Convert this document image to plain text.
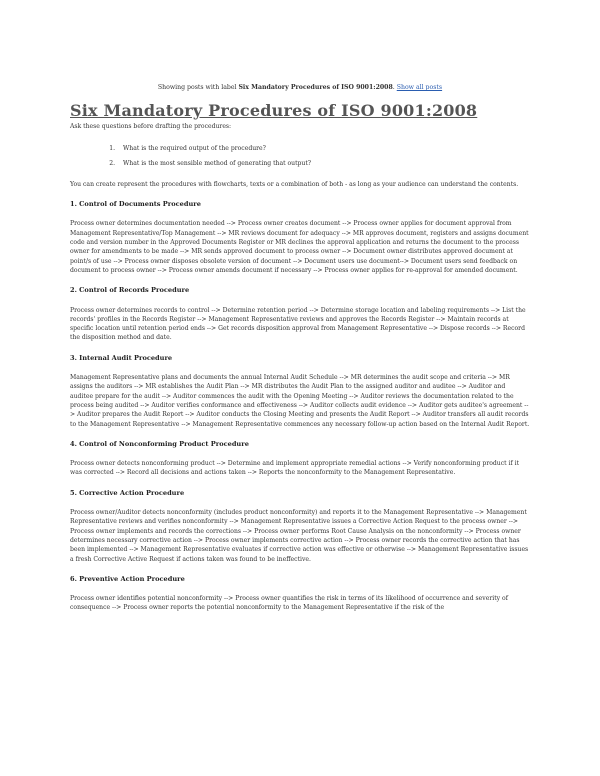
Showing posts with label Six Mandatory Procedures of ISO 9001:2008. Show all posts
Six Mandatory Procedures of ISO 9001:2008

Ask these questions before drafting the procedures:

1. What is the required output of the procedure?
2. What is the most sensible method of generating that output?

You can create represent the procedures with flowcharts, texts or a combination of both - as long as your audience can understand the contents.

1. Control of Documents Procedure

Process owner determines documentation needed --> Process owner creates document --> Process owner applies for document approval from Management Representative/Top Management --> MR reviews document for adequacy --> MR approves document, registers and assigns document code and version number in the Approved Documents Register or MR declines the approval application and returns the document to the process owner for amendments to be made --> MR sends approved document to process owner --> Document owner distributes approved document at point/s of use --> Process owner disposes obsolete version of document --> Document users use document--> Document users send feedback on document to process owner --> Process owner amends document if necessary --> Process owner applies for re-approval for amended document.

2. Control of Records Procedure

Process owner determines records to control --> Determine retention period --> Determine storage location and labeling requirements --> List the records' profiles in the Records Register --> Management Representative reviews and approves the Records Register --> Maintain records at specific location until retention period ends --> Get records disposition approval from Management Representative --> Dispose records --> Record the disposition method and date.

3. Internal Audit Procedure

Management Representative plans and documents the annual Internal Audit Schedule --> MR determines the audit scope and criteria --> MR assigns the auditors --> MR establishes the Audit Plan --> MR distributes the Audit Plan to the assigned auditor and auditee --> Auditor and auditee prepare for the audit --> Auditor commences the audit with the Opening Meeting --> Auditor reviews the documentation related to the process being audited --> Auditor verifies conformance and effectiveness --> Auditor collects audit evidence --> Auditor gets auditee's agreement --> Auditor prepares the Audit Report --> Auditor conducts the Closing Meeting and presents the Audit Report --> Auditor transfers all audit records to the Management Representative --> Management Representative commences any necessary follow-up action based on the Internal Audit Report.

4. Control of Nonconforming Product Procedure

Process owner detects nonconforming product --> Determine and implement appropriate remedial actions --> Verify nonconforming product if it was corrected --> Record all decisions and actions taken --> Reports the nonconformity to the Management Representative.

5. Corrective Action Procedure

Process owner/Auditor detects nonconformity (includes product nonconformity) and reports it to the Management Representative --> Management Representative reviews and verifies nonconformity --> Management Representative issues a Corrective Action Request to the process owner --> Process owner implements and records the corrections --> Process owner performs Root Cause Analysis on the nonconformity --> Process owner determines necessary corrective action --> Process owner implements corrective action --> Process owner records the corrective action that has been implemented --> Management Representative evaluates if corrective action was effective or otherwise --> Management Representative issues a fresh Corrective Active Request if actions taken was found to be ineffective.

6. Preventive Action Procedure

Process owner identifies potential nonconformity --> Process owner quantifies the risk in terms of its likelihood of occurrence and severity of consequence --> Process owner reports the potential nonconformity to the Management Representative if the risk of the
